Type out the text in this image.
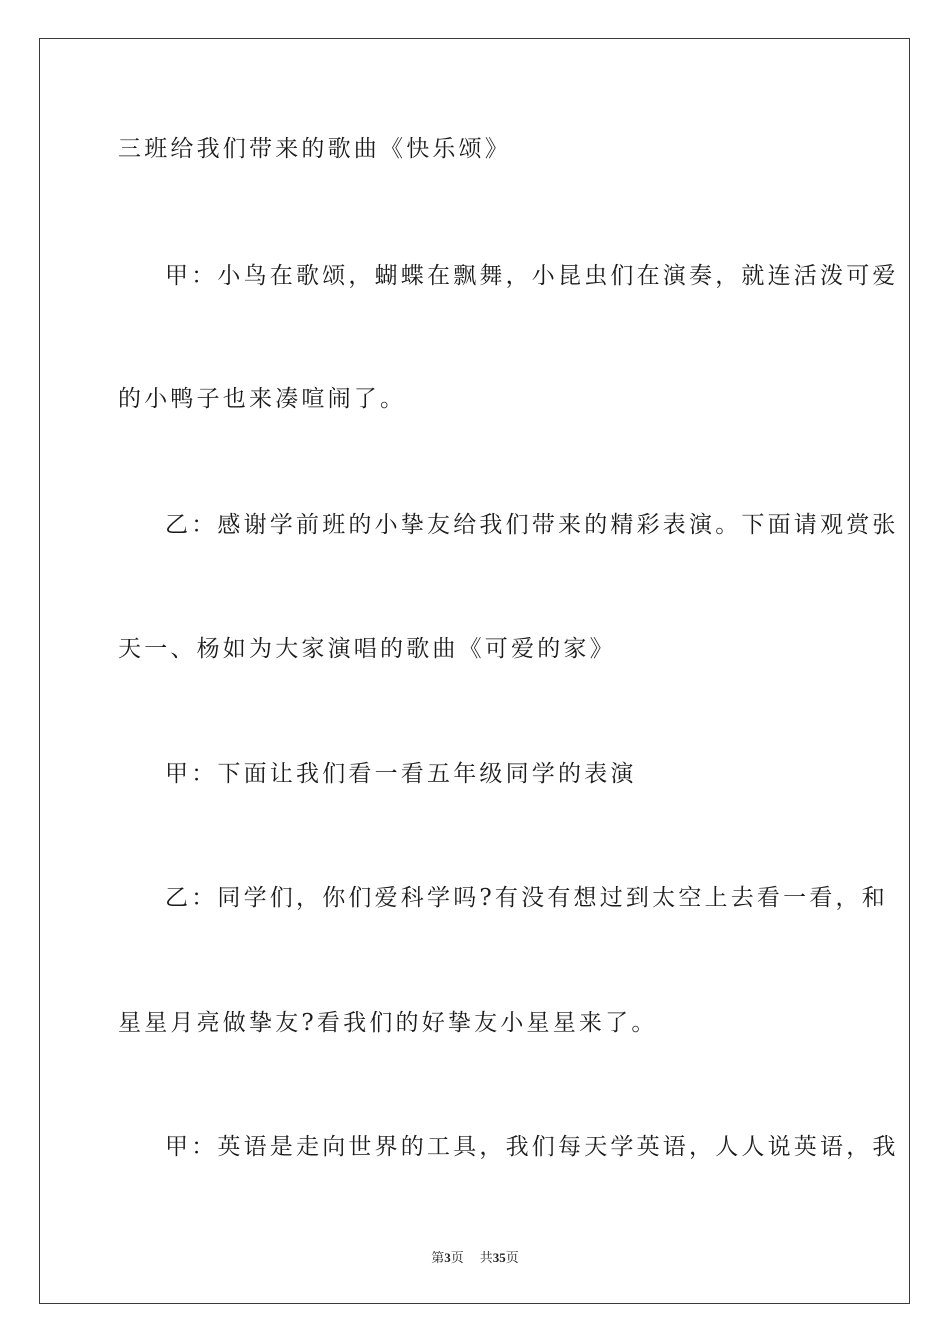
三班给我们带来的歌曲《快乐颂》
甲：小鸟在歌颂，蝴蝶在飘舞，小昆虫们在演奏，就连活泼可爱
的小鸭子也来凑喧闹了。
乙：感谢学前班的小挚友给我们带来的精彩表演。下面请观赏张
天一、杨如为大家演唱的歌曲《可爱的家》
甲：下面让我们看一看五年级同学的表演
乙：同学们，你们爱科学吗?有没有想过到太空上去看一看，和
星星月亮做挚友?看我们的好挚友小星星来了。
甲：英语是走向世界的工具，我们每天学英语，人人说英语，我
第3页 共35页
